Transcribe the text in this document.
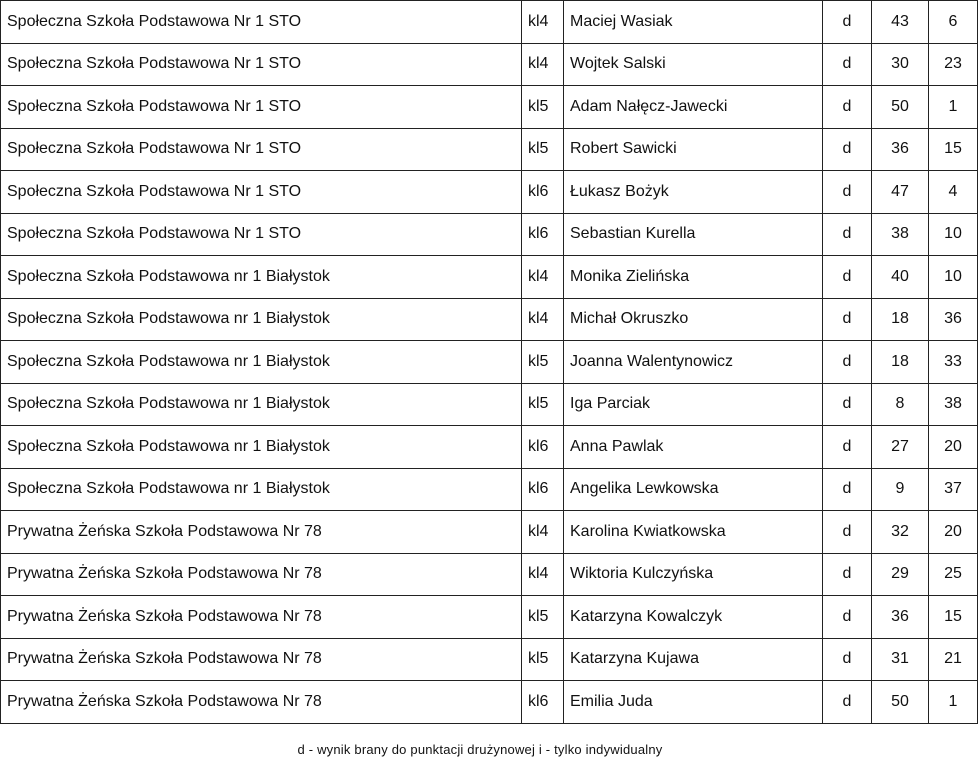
Społeczna Szkoła Podstawowa Nr 1 STO	kl4	Maciej Wasiak	d	43	6
Społeczna Szkoła Podstawowa Nr 1 STO	kl4	Wojtek Salski	d	30	23
Społeczna Szkoła Podstawowa Nr 1 STO	kl5	Adam Nałęcz-Jawecki	d	50	1
Społeczna Szkoła Podstawowa Nr 1 STO	kl5	Robert Sawicki	d	36	15
Społeczna Szkoła Podstawowa Nr 1 STO	kl6	Łukasz Bożyk	d	47	4
Społeczna Szkoła Podstawowa Nr 1 STO	kl6	Sebastian Kurella	d	38	10
Społeczna Szkoła Podstawowa nr 1 Białystok	kl4	Monika Zielińska	d	40	10
Społeczna Szkoła Podstawowa nr 1 Białystok	kl4	Michał Okruszko	d	18	36
Społeczna Szkoła Podstawowa nr 1 Białystok	kl5	Joanna Walentynowicz	d	18	33
Społeczna Szkoła Podstawowa nr 1 Białystok	kl5	Iga Parciak	d	8	38
Społeczna Szkoła Podstawowa nr 1 Białystok	kl6	Anna Pawlak	d	27	20
Społeczna Szkoła Podstawowa nr 1 Białystok	kl6	Angelika Lewkowska	d	9	37
Prywatna Żeńska Szkoła Podstawowa Nr 78	kl4	Karolina Kwiatkowska	d	32	20
Prywatna Żeńska Szkoła Podstawowa Nr 78	kl4	Wiktoria Kulczyńska	d	29	25
Prywatna Żeńska Szkoła Podstawowa Nr 78	kl5	Katarzyna Kowalczyk	d	36	15
Prywatna Żeńska Szkoła Podstawowa Nr 78	kl5	Katarzyna Kujawa	d	31	21
Prywatna Żeńska Szkoła Podstawowa Nr 78	kl6	Emilia Juda	d	50	1
d - wynik brany do punktacji drużynowej i - tylko indywidualny
